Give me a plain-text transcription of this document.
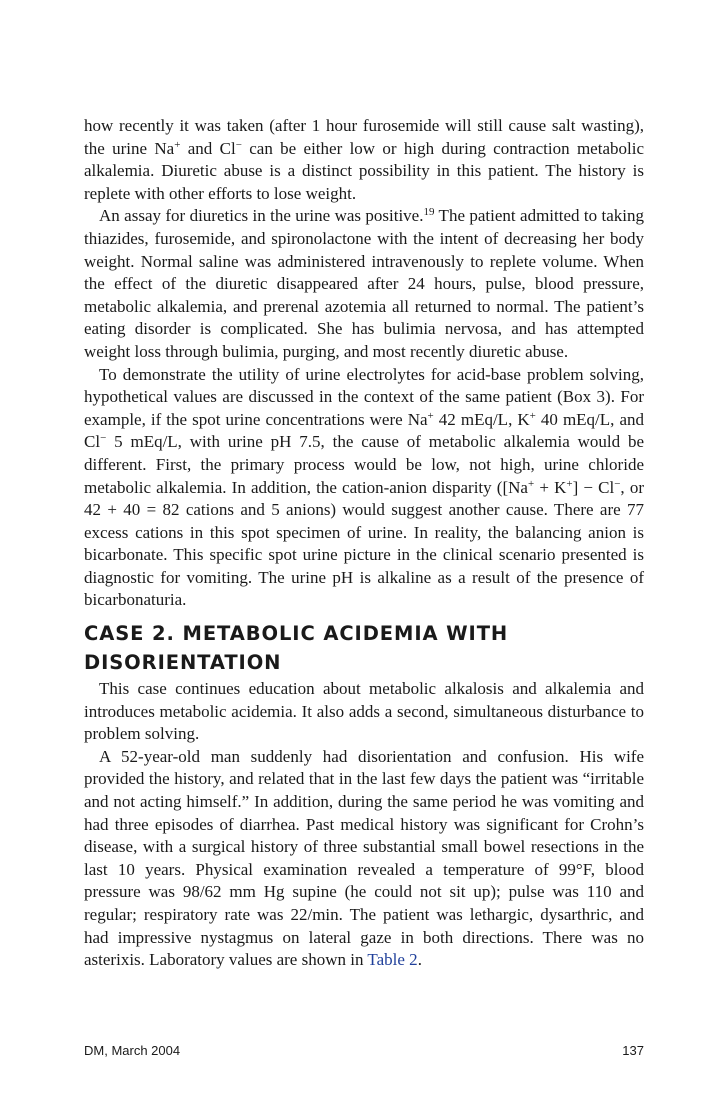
how recently it was taken (after 1 hour furosemide will still cause salt wasting), the urine Na+ and Cl− can be either low or high during contraction metabolic alkalemia. Diuretic abuse is a distinct possibility in this patient. The history is replete with other efforts to lose weight.

An assay for diuretics in the urine was positive.$^{19}$ The patient admitted to taking thiazides, furosemide, and spironolactone with the intent of decreasing her body weight. Normal saline was administered intravenously to replete volume. When the effect of the diuretic disappeared after 24 hours, pulse, blood pressure, metabolic alkalemia, and prerenal azotemia all returned to normal. The patient’s eating disorder is complicated. She has bulimia nervosa, and has attempted weight loss through bulimia, purging, and most recently diuretic abuse.

To demonstrate the utility of urine electrolytes for acid-base problem solving, hypothetical values are discussed in the context of the same patient (Box 3). For example, if the spot urine concentrations were Na+ 42 mEq/L, K+ 40 mEq/L, and Cl− 5 mEq/L, with urine pH 7.5, the cause of metabolic alkalemia would be different. First, the primary process would be low, not high, urine chloride metabolic alkalemia. In addition, the cation-anion disparity ([Na+ + K+] − Cl−, or 42 + 40 = 82 cations and 5 anions) would suggest another cause. There are 77 excess cations in this spot specimen of urine. In reality, the balancing anion is bicarbonate. This specific spot urine picture in the clinical scenario presented is diagnostic for vomiting. The urine pH is alkaline as a result of the presence of bicarbonaturia.

CASE 2. METABOLIC ACIDEMIA WITH
DISORIENTATION

This case continues education about metabolic alkalosis and alkalemia and introduces metabolic acidemia. It also adds a second, simultaneous disturbance to problem solving.

A 52-year-old man suddenly had disorientation and confusion. His wife provided the history, and related that in the last few days the patient was “irritable and not acting himself.” In addition, during the same period he was vomiting and had three episodes of diarrhea. Past medical history was significant for Crohn’s disease, with a surgical history of three substantial small bowel resections in the last 10 years. Physical examination revealed a temperature of 99°F, blood pressure was 98/62 mm Hg supine (he could not sit up); pulse was 110 and regular; respiratory rate was 22/min. The patient was lethargic, dysarthric, and had impressive nystagmus on lateral gaze in both directions. There was no asterixis. Laboratory values are shown in Table 2.

DM, March 2004	137
